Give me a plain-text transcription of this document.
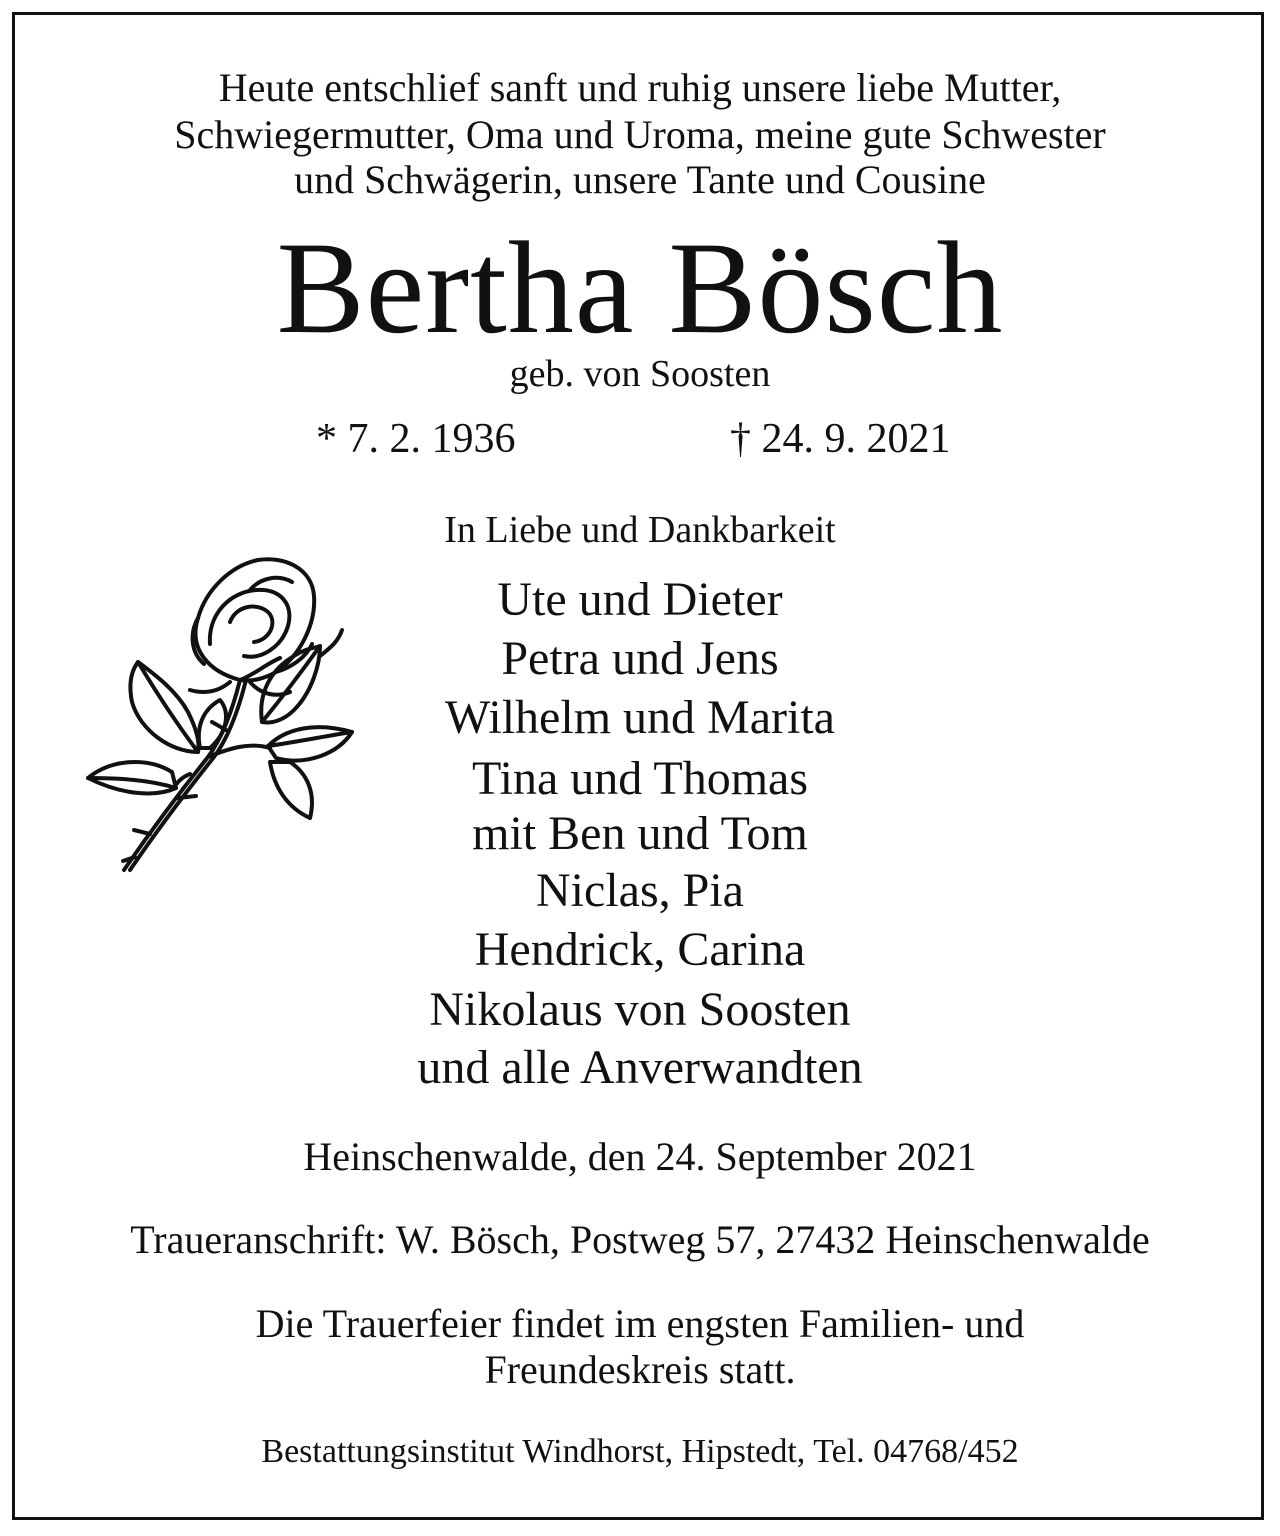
Heute entschlief sanft und ruhig unsere liebe Mutter,
Schwiegermutter, Oma und Uroma, meine gute Schwester
und Schwägerin, unsere Tante und Cousine
Bertha Bösch
geb. von Soosten
* 7. 2. 1936	† 24. 9. 2021
In Liebe und Dankbarkeit
Ute und Dieter
Petra und Jens
Wilhelm und Marita
Tina und Thomas
mit Ben und Tom
Niclas, Pia
Hendrick, Carina
Nikolaus von Soosten
und alle Anverwandten
Heinschenwalde, den 24. September 2021
Traueranschrift: W. Bösch, Postweg 57, 27432 Heinschenwalde
Die Trauerfeier findet im engsten Familien- und
Freundeskreis statt.
Bestattungsinstitut Windhorst, Hipstedt, Tel. 04768/452
